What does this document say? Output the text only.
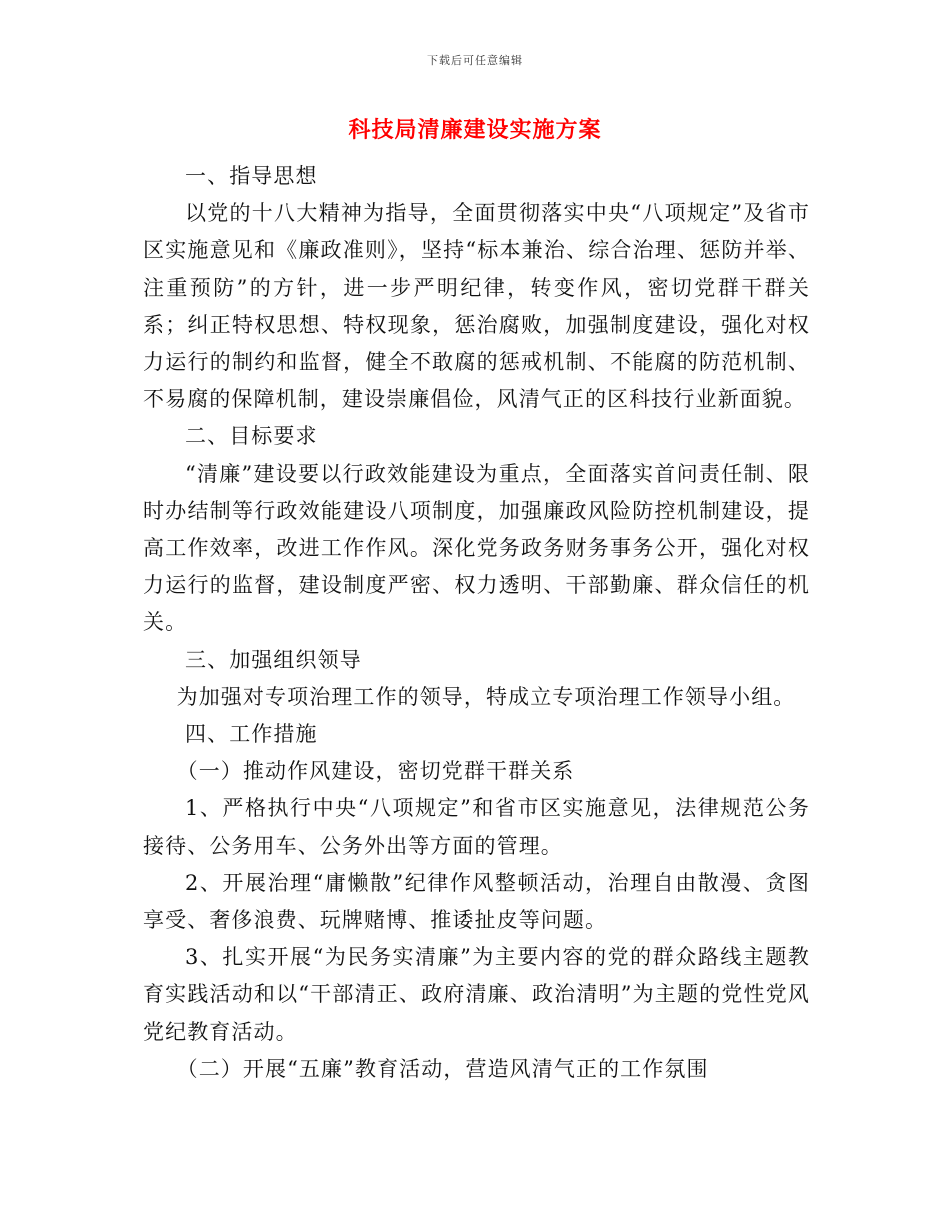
下载后可任意编辑
科技局清廉建设实施方案

一、指导思想

以党的十八大精神为指导，全面贯彻落实中央“八项规定”及省市区实施意见和《廉政准则》，坚持“标本兼治、综合治理、惩防并举、注重预防”的方针，进一步严明纪律，转变作风，密切党群干群关系；纠正特权思想、特权现象，惩治腐败，加强制度建设，强化对权力运行的制约和监督，健全不敢腐的惩戒机制、不能腐的防范机制、不易腐的保障机制，建设崇廉倡俭，风清气正的区科技行业新面貌。

二、目标要求

“清廉”建设要以行政效能建设为重点，全面落实首问责任制、限时办结制等行政效能建设八项制度，加强廉政风险防控机制建设，提高工作效率，改进工作作风。深化党务政务财务事务公开，强化对权力运行的监督，建设制度严密、权力透明、干部勤廉、群众信任的机关。

三、加强组织领导

为加强对专项治理工作的领导，特成立专项治理工作领导小组。

四、工作措施

（一）推动作风建设，密切党群干群关系

1、严格执行中央“八项规定”和省市区实施意见，法律规范公务接待、公务用车、公务外出等方面的管理。

2、开展治理“庸懒散”纪律作风整顿活动，治理自由散漫、贪图享受、奢侈浪费、玩牌赌博、推诿扯皮等问题。

3、扎实开展“为民务实清廉”为主要内容的党的群众路线主题教育实践活动和以“干部清正、政府清廉、政治清明”为主题的党性党风党纪教育活动。

（二）开展“五廉”教育活动，营造风清气正的工作氛围
